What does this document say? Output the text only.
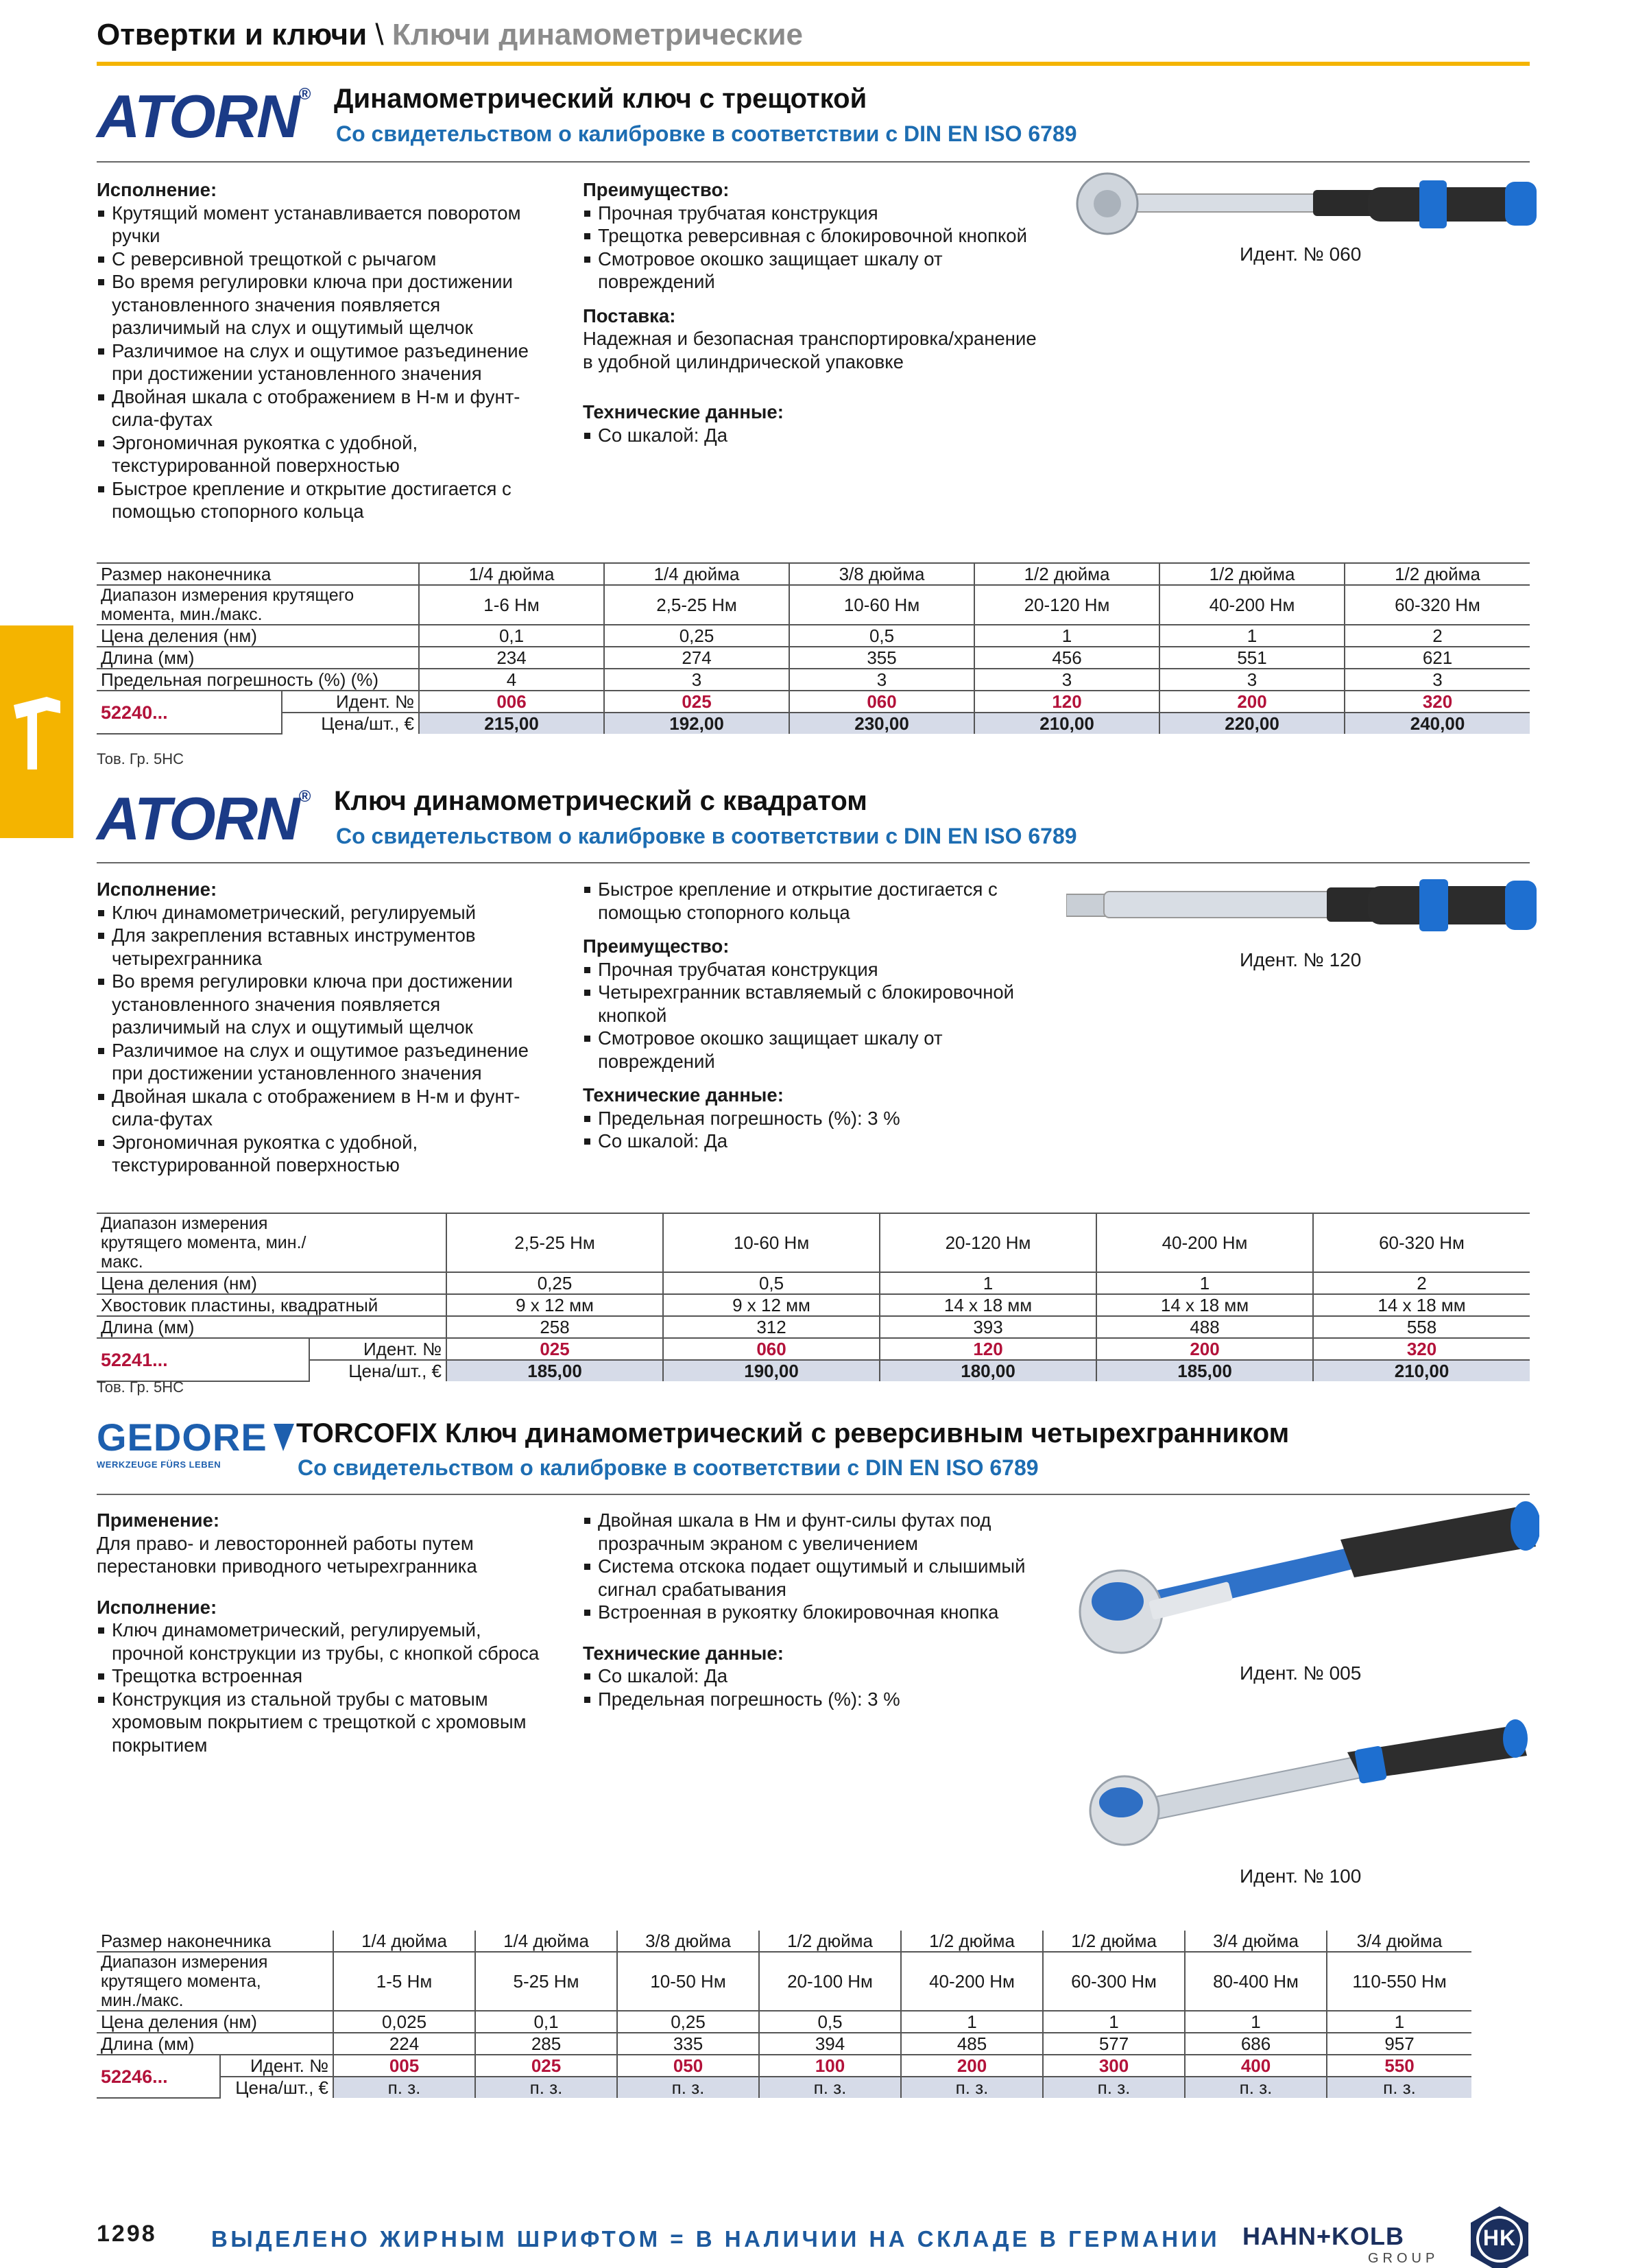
Отвертки и ключи \ Ключи динамометрические
ATORN® Динамометрический ключ с трещоткой
Со свидетельством о калибровке в соответствии с DIN EN ISO 6789
Исполнение:
Крутящий момент устанавливается поворотом ручки
С реверсивной трещоткой с рычагом
Во время регулировки ключа при достижении установленного значения появляется различимый на слух и ощутимый щелчок
Различимое на слух и ощутимое разъединение при достижении установленного значения
Двойная шкала с отображением в Н-м и фунт-сила-футах
Эргономичная рукоятка с удобной, текстурированной поверхностью
Быстрое крепление и открытие достигается с помощью стопорного кольца
Преимущество:
Прочная трубчатая конструкция
Трещотка реверсивная с блокировочной кнопкой
Смотровое окошко защищает шкалу от повреждений
Поставка:

Надежная и безопасная транспортировка/хранение в удобной цилиндрической упаковке

Технические данные:
Со шкалой: Да
Идент. № 060
Размер наконечника		1/4 дюйма	1/4 дюйма	3/8 дюйма	1/2 дюйма	1/2 дюйма	1/2 дюйма
Диапазон измерения крутящего момента, мин./макс.		1-6 Нм	2,5-25 Нм	10-60 Нм	20-120 Нм	40-200 Нм	60-320 Нм
Цена деления (нм)		0,1	0,25	0,5	1	1	2
Длина (мм)		234	274	355	456	551	621
Предельная погрешность (%) (%)		4	3	3	3	3	3
52240...	Идент. №	006	025	060	120	200	320
	Цена/шт., €	215,00	192,00	230,00	210,00	220,00	240,00
Тов. Гр. 5HC
ATORN® Ключ динамометрический с квадратом
Со свидетельством о калибровке в соответствии с DIN EN ISO 6789
Исполнение:
Ключ динамометрический, регулируемый
Для закрепления вставных инструментов четырехгранника
Во время регулировки ключа при достижении установленного значения появляется различимый на слух и ощутимый щелчок
Различимое на слух и ощутимое разъединение при достижении установленного значения
Двойная шкала с отображением в Н-м и фунт-сила-футах
Эргономичная рукоятка с удобной, текстурированной поверхностью
Быстрое крепление и открытие достигается с помощью стопорного кольца
Преимущество:
Прочная трубчатая конструкция
Четырехгранник вставляемый с блокировочной кнопкой
Смотровое окошко защищает шкалу от повреждений
Технические данные:
Предельная погрешность (%): 3 %
Со шкалой: Да
Идент. № 120
Диапазон измерения крутящего момента, мин./макс.		2,5-25 Нм	10-60 Нм	20-120 Нм	40-200 Нм	60-320 Нм
Цена деления (нм)		0,25	0,5	1	1	2
Хвостовик пластины, квадратный		9 x 12 мм	9 x 12 мм	14 x 18 мм	14 x 18 мм	14 x 18 мм
Длина (мм)		258	312	393	488	558
52241...	Идент. №	025	060	120	200	320
	Цена/шт., €	185,00	190,00	180,00	185,00	210,00
Тов. Гр. 5HC
GEDORE
WERKZEUGE FÜRS LEBEN
TORCOFIX Ключ динамометрический с реверсивным четырехгранником
Со свидетельством о калибровке в соответствии с DIN EN ISO 6789
Применение:

Для право- и левосторонней работы путем перестановки приводного четырехгранника

Исполнение:
Ключ динамометрический, регулируемый, прочной конструкции из трубы, с кнопкой сброса
Трещотка встроенная
Конструкция из стальной трубы с матовым хромовым покрытием с трещоткой с хромовым покрытием
Двойная шкала в Нм и фунт-силы футах под прозрачным экраном с увеличением
Система отскока подает ощутимый и слышимый сигнал срабатывания
Встроенная в рукоятку блокировочная кнопка
Технические данные:
Со шкалой: Да
Предельная погрешность (%): 3 %
Идент. № 005
Идент. № 100
Размер наконечника		1/4 дюйма	1/4 дюйма	3/8 дюйма	1/2 дюйма	1/2 дюйма	1/2 дюйма	3/4 дюйма	3/4 дюйма
Диапазон измерения крутящего момента, мин./макс.		1-5 Нм	5-25 Нм	10-50 Нм	20-100 Нм	40-200 Нм	60-300 Нм	80-400 Нм	110-550 Нм
Цена деления (нм)		0,025	0,1	0,25	0,5	1	1	1	1
Длина (мм)		224	285	335	394	485	577	686	957
52246...	Идент. №	005	025	050	100	200	300	400	550
	Цена/шт., €	п. з.	п. з.	п. з.	п. з.	п. з.	п. з.	п. з.	п. з.
1298 ВЫДЕЛЕНО ЖИРНЫМ ШРИФТОМ = В НАЛИЧИИ НА СКЛАДЕ В ГЕРМАНИИ HAHN+KOLB
GROUP
HK
